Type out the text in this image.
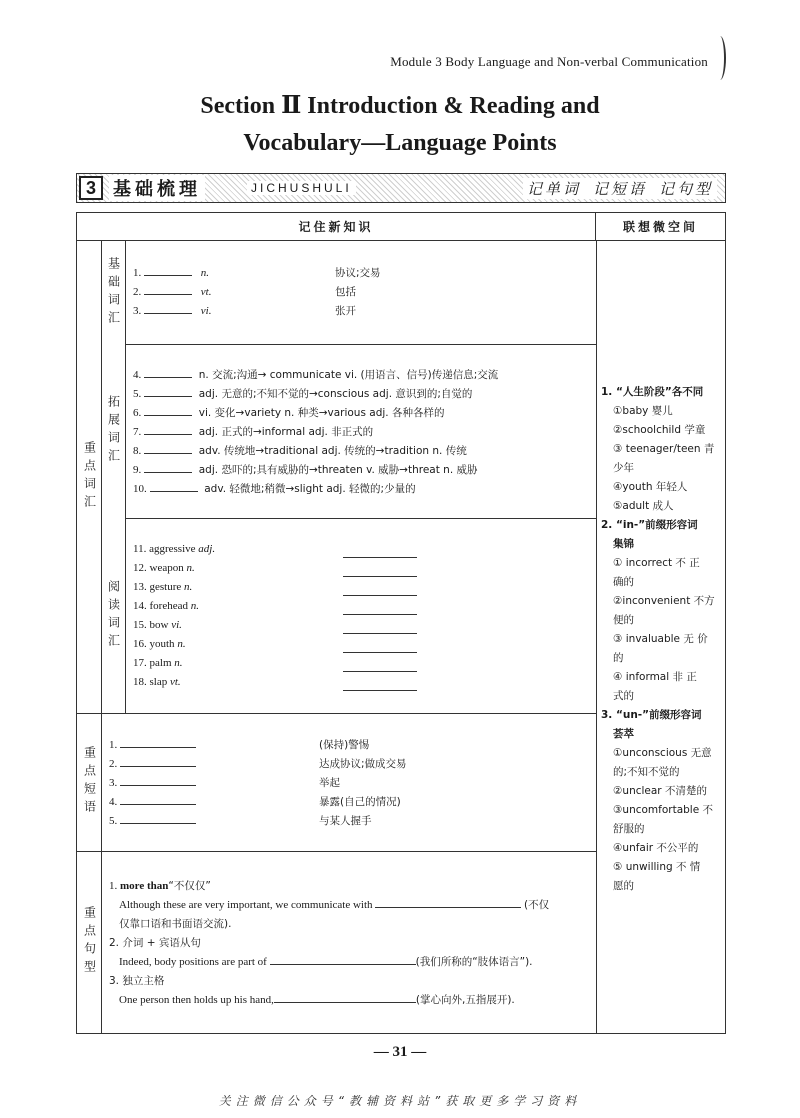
Module 3 Body Language and Non-verbal Communication
Section Ⅱ Introduction & Reading and
Vocabulary—Language Points
3 基础梳理	JICHUSHULI	记单词 记短语 记句型
记住新知识	联想微空间
重点词汇
基础词汇
拓展词汇
阅读词汇
重点短语
重点句型
1.	n.	协议;交易
2.	vt.	包括
3.	vi.	张开
4.	n. 交流;沟通→ communicate vi. (用语言、信号)传递信息;交流
5.	adj. 无意的;不知不觉的→conscious adj. 意识到的;自觉的
6.	vi. 变化→variety n. 种类→various adj. 各种各样的
7.	adj. 正式的→informal adj. 非正式的
8.	adv. 传统地→traditional adj. 传统的→tradition n. 传统
9.	adj. 恐吓的;具有威胁的→threaten v. 威胁→threat n. 威胁
10.	adv. 轻微地;稍微→slight adj. 轻微的;少量的
11. aggressive adj.
12. weapon n.
13. gesture n.
14. forehead n.
15. bow vi.
16. youth n.
17. palm n.
18. slap vt.
1.	(保持)警惕
2.	达成协议;做成交易
3.	举起
4.	暴露(自己的情况)
5.	与某人握手
1. more than“不仅仅”
Although these are very important, we communicate with	(不仅
仅靠口语和书面语交流).
2. 介词 + 宾语从句
Indeed, body positions are part of	(我们所称的“肢体语言”).
3. 独立主格
One person then holds up his hand,	(掌心向外,五指展开).
1. “人生阶段”各不同
①baby 婴儿
②schoolchild 学童
③ teenager/teen 青
少年
④youth 年轻人
⑤adult 成人
2. “in-”前缀形容词
集锦
① incorrect 不 正
确的
②inconvenient 不方
便的
③ invaluable 无 价
的
④ informal 非 正
式的
3. “un-”前缀形容词
荟萃
①unconscious 无意
的;不知不觉的
②unclear 不清楚的
③uncomfortable 不
舒服的
④unfair 不公平的
⑤ unwilling 不 情
愿的
— 31 —
关注微信公众号“教辅资料站”获取更多学习资料
